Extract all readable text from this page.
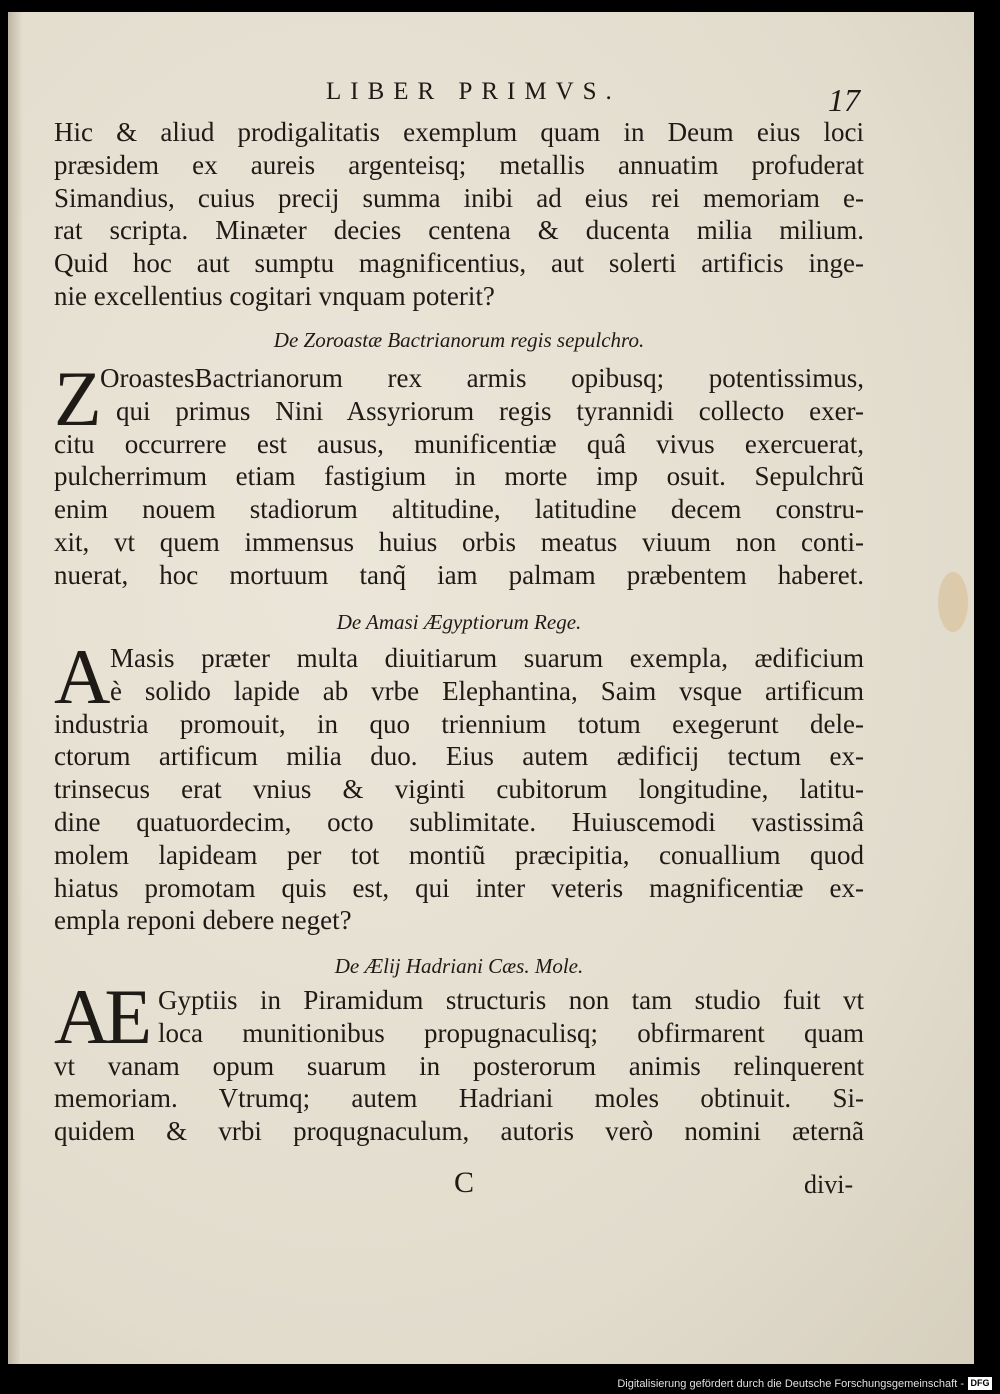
LIBER PRIMVS.	17
Hic & aliud prodigalitatis exemplum quam in Deum eius loci
præsidem ex aureis argenteisq; metallis annuatim profuderat
Simandius, cuius precij summa inibi ad eius rei memoriam e-
rat scripta. Minæter decies centena & ducenta milia milium.
Quid hoc aut sumptu magnificentius, aut solerti artificis inge-
nie excellentius cogitari vnquam poterit?
De Zoroastæ Bactrianorum regis sepulchro.
Z
OroastesBactrianorum rex armis opibusq; potentissimus,
qui primus Nini Assyriorum regis tyrannidi collecto exer-
citu occurrere est ausus, munificentiæ quâ vivus exercuerat,
pulcherrimum etiam fastigium in morte imp osuit. Sepulchrũ
enim nouem stadiorum altitudine, latitudine decem constru-
xit, vt quem immensus huius orbis meatus viuum non conti-
nuerat, hoc mortuum tanq̃ iam palmam præbentem haberet.
De Amasi Ægyptiorum Rege.
A Masis præter multa diuitiarum suarum exempla, ædificium
è solido lapide ab vrbe Elephantina, Saim vsque artificum
industria promouit, in quo triennium totum exegerunt dele-
ctorum artificum milia duo. Eius autem ædificij tectum ex-
trinsecus erat vnius & viginti cubitorum longitudine, latitu-
dine quatuordecim, octo sublimitate. Huiuscemodi vastissimâ
molem lapideam per tot montiũ præcipitia, conuallium quod
hiatus promotam quis est, qui inter veteris magnificentiæ ex-
empla reponi debere neget?
De Ælij Hadriani Cæs. Mole.
AE Gyptiis in Piramidum structuris non tam studio fuit vt
loca munitionibus propugnaculisq; obfirmarent quam
vt vanam opum suarum in posterorum animis relinquerent
memoriam. Vtrumq; autem Hadriani moles obtinuit. Si-
quidem & vrbi proqugnaculum, autoris verò nomini æternã
C	divi-
Digitalisierung gefördert durch die Deutsche Forschungsgemeinschaft - DFG
